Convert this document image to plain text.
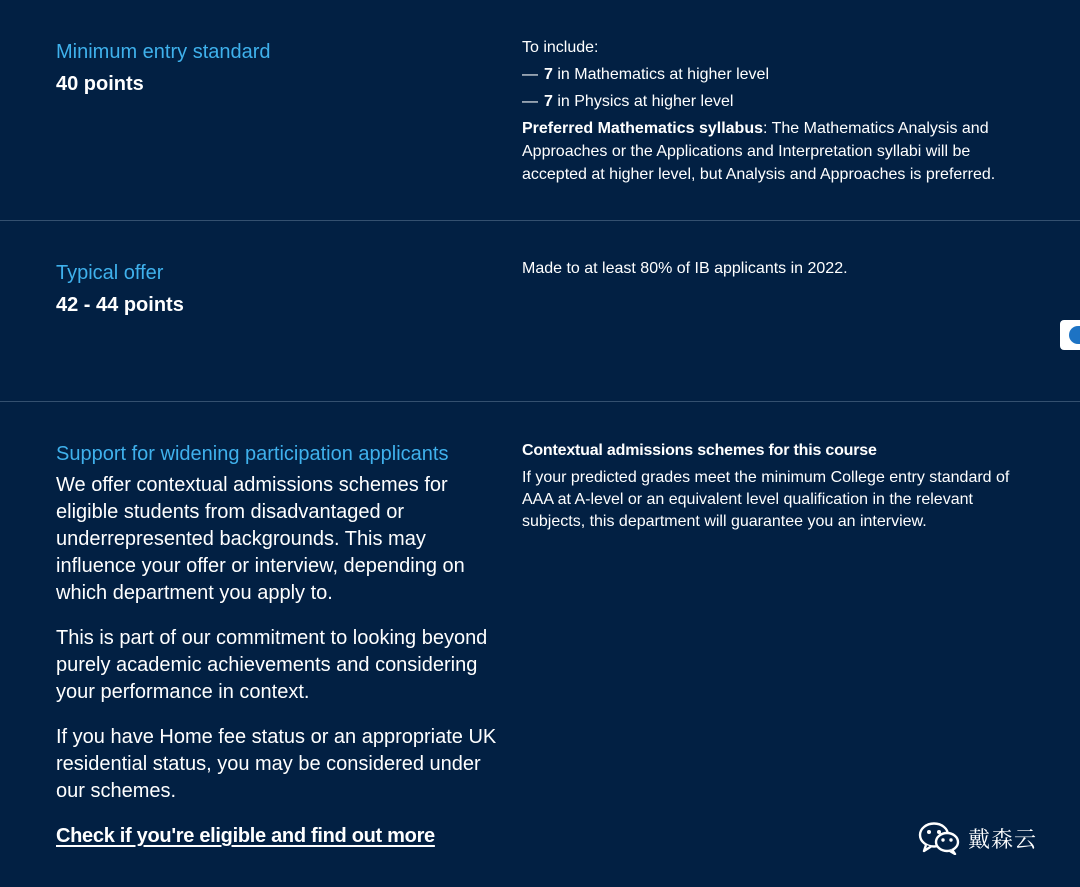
Minimum entry standard
40 points
To include:
— 7 in Mathematics at higher level
— 7 in Physics at higher level
Preferred Mathematics syllabus: The Mathematics Analysis and Approaches or the Applications and Interpretation syllabi will be accepted at higher level, but Analysis and Approaches is preferred.
Typical offer
42 - 44 points
Made to at least 80% of IB applicants in 2022.
Support for widening participation applicants

We offer contextual admissions schemes for eligible students from disadvantaged or underrepresented backgrounds. This may influence your offer or interview, depending on which department you apply to.

This is part of our commitment to looking beyond purely academic achievements and considering your performance in context.

If you have Home fee status or an appropriate UK residential status, you may be considered under our schemes.

Check if you're eligible and find out more
Contextual admissions schemes for this course
If your predicted grades meet the minimum College entry standard of AAA at A-level or an equivalent level qualification in the relevant subjects, this department will guarantee you an interview.
戴森云
